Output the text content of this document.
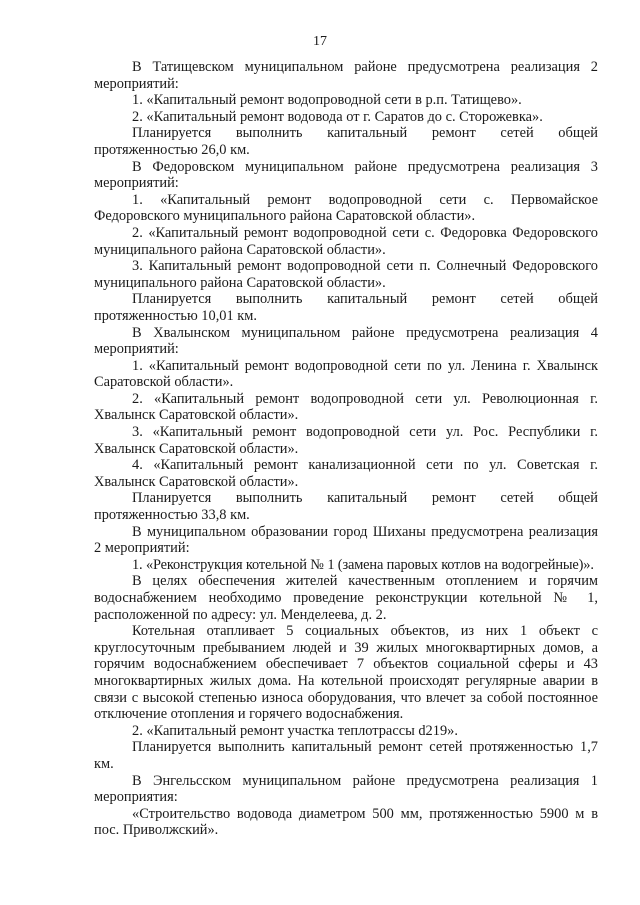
17

В Татищевском муниципальном районе предусмотрена реализация 2 мероприятий:

1. «Капитальный ремонт водопроводной сети в р.п. Татищево».

2. «Капитальный ремонт водовода от г. Саратов до с. Сторожевка».

Планируется выполнить капитальный ремонт сетей общей протяженностью 26,0 км.

В Федоровском муниципальном районе предусмотрена реализация 3 мероприятий:

1. «Капитальный ремонт водопроводной сети с. Первомайское Федоровского муниципального района Саратовской области».

2. «Капитальный ремонт водопроводной сети с. Федоровка Федоровского муниципального района Саратовской области».

3. Капитальный ремонт водопроводной сети п. Солнечный Федоровского муниципального района Саратовской области».

Планируется выполнить капитальный ремонт сетей общей протяженностью 10,01 км.

В Хвалынском муниципальном районе предусмотрена реализация 4 мероприятий:

1. «Капитальный ремонт водопроводной сети по ул. Ленина г. Хвалынск Саратовской области».

2. «Капитальный ремонт водопроводной сети ул. Революционная г. Хвалынск Саратовской области».

3. «Капитальный ремонт водопроводной сети ул. Рос. Республики г. Хвалынск Саратовской области».

4. «Капитальный ремонт канализационной сети по ул. Советская г. Хвалынск Саратовской области».

Планируется выполнить капитальный ремонт сетей общей протяженностью 33,8 км.

В муниципальном образовании город Шиханы предусмотрена реализация 2 мероприятий:

1. «Реконструкция котельной № 1 (замена паровых котлов на водогрейные)».

В целях обеспечения жителей качественным отоплением и горячим водоснабжением необходимо проведение реконструкции котельной № 1, расположенной по адресу: ул. Менделеева, д. 2.

Котельная отапливает 5 социальных объектов, из них 1 объект с круглосуточным пребыванием людей и 39 жилых многоквартирных домов, а горячим водоснабжением обеспечивает 7 объектов социальной сферы и 43 многоквартирных жилых дома. На котельной происходят регулярные аварии в связи с высокой степенью износа оборудования, что влечет за собой постоянное отключение отопления и горячего водоснабжения.

2. «Капитальный ремонт участка теплотрассы d219».

Планируется выполнить капитальный ремонт сетей протяженностью 1,7 км.

В Энгельсском муниципальном районе предусмотрена реализация 1 мероприятия:

«Строительство водовода диаметром 500 мм, протяженностью 5900 м в пос. Приволжский».
